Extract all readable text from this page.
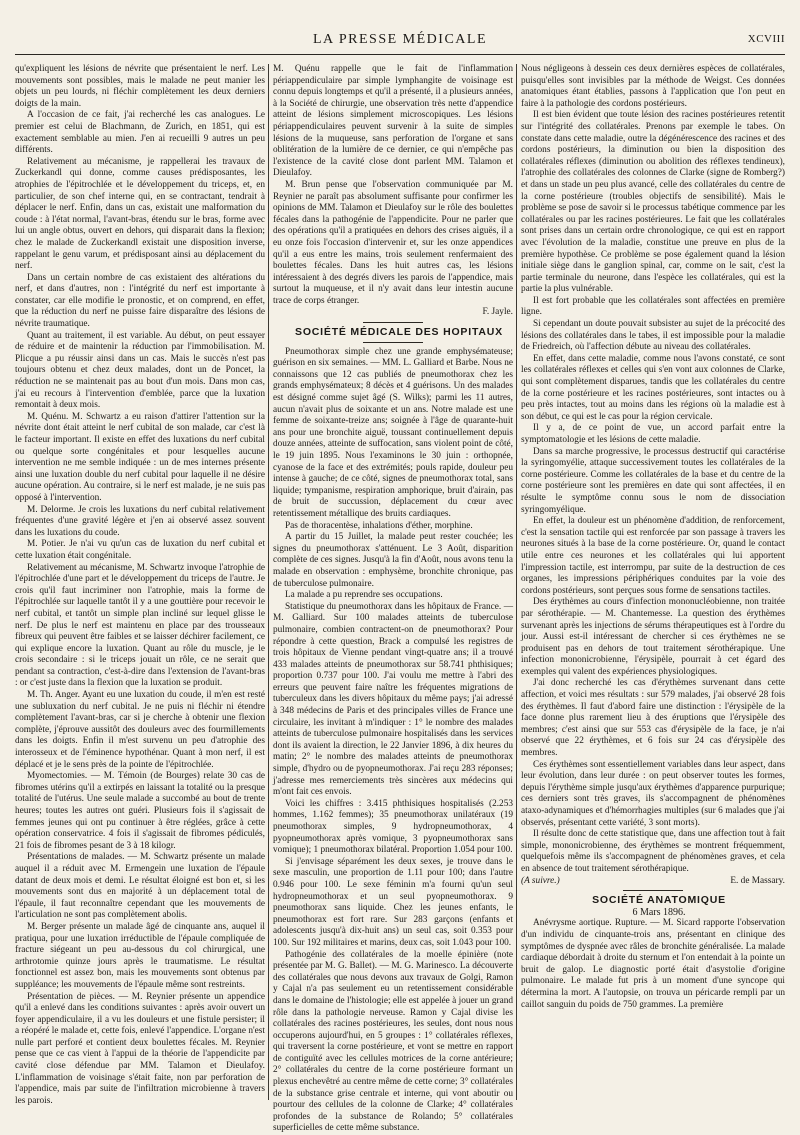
LA PRESSE MÉDICALE	XCVIII

qu'expliquent les lésions de névrite que présentaient le nerf. Les mouvements sont possibles, mais le malade ne peut manier les objets un peu lourds, ni fléchir complètement les deux derniers doigts de la main.

A l'occasion de ce fait, j'ai recherché les cas analogues. Le premier est celui de Blachmann, de Zurich, en 1851, qui est exactement semblable au mien. J'en ai recueilli 9 autres un peu différents.

Relativement au mécanisme, je rappellerai les travaux de Zuckerkandl qui donne, comme causes prédisposantes, les atrophies de l'épitrochlée et le développement du triceps, et, en particulier, de son chef interne qui, en se contractant, tendrait à déplacer le nerf. Enfin, dans un cas, existait une malformation du coude : à l'état normal, l'avant-bras, étendu sur le bras, forme avec lui un angle obtus, ouvert en dehors, qui disparait dans la flexion; chez le malade de Zuckerkandl existait une disposition inverse, rappelant le genu varum, et prédisposant ainsi au déplacement du nerf.

Dans un certain nombre de cas existaient des altérations du nerf, et dans d'autres, non : l'intégrité du nerf est importante à constater, car elle modifie le pronostic, et on comprend, en effet, que la réduction du nerf ne puisse faire disparaître des lésions de névrite traumatique.

Quant au traitement, il est variable. Au début, on peut essayer de réduire et de maintenir la réduction par l'immobilisation. M. Plicque a pu réussir ainsi dans un cas. Mais le succès n'est pas toujours obtenu et chez deux malades, dont un de Poncet, la réduction ne se maintenait pas au bout d'un mois. Dans mon cas, j'ai eu recours à l'intervention d'emblée, parce que la luxation remontait à deux mois.

M. Quénu. M. Schwartz a eu raison d'attirer l'attention sur la névrite dont était atteint le nerf cubital de son malade, car c'est là le facteur important. Il existe en effet des luxations du nerf cubital ou quelque sorte congénitales et pour lesquelles aucune intervention ne me semble indiquée : un de mes internes présente ainsi une luxation double du nerf cubital pour laquelle il ne désire aucune opération. Au contraire, si le nerf est malade, je ne suis pas opposé à l'intervention.

M. Delorme. Je crois les luxations du nerf cubital relativement fréquentes d'une gravité légère et j'en ai observé assez souvent dans les luxations du coude.

M. Potier. Je n'ai vu qu'un cas de luxation du nerf cubital et cette luxation était congénitale.

Relativement au mécanisme, M. Schwartz invoque l'atrophie de l'épitrochlée d'une part et le développement du triceps de l'autre. Je crois qu'il faut incriminer non l'atrophie, mais la forme de l'épitrochlée sur laquelle tantôt il y a une gouttière pour recevoir le nerf cubital, et tantôt un simple plan incliné sur lequel glisse le nerf. De plus le nerf est maintenu en place par des trousseaux fibreux qui peuvent être faibles et se laisser déchirer facilement, ce qui explique encore la luxation. Quant au rôle du muscle, je le crois secondaire : si le triceps jouait un rôle, ce ne serait que pendant sa contraction, c'est-à-dire dans l'extension de l'avant-bras : or c'est juste dans la flexion que la luxation se produit.

M. Th. Anger. Ayant eu une luxation du coude, il m'en est resté une subluxation du nerf cubital. Je ne puis ni fléchir ni étendre complètement l'avant-bras, car si je cherche à obtenir une flexion complète, j'éprouve aussitôt des douleurs avec des fourmillements dans les doigts. Enfin il m'est survenu un peu d'atrophie des interosseux et de l'éminence hypothénar. Quant à mon nerf, il est déplacé et je le sens près de la pointe de l'épitrochlée.

Myomectomies. — M. Témoin (de Bourges) relate 30 cas de fibromes utérins qu'il a extirpés en laissant la totalité ou la presque totalité de l'utérus. Une seule malade a succombé au bout de trente heures; toutes les autres ont guéri. Plusieurs fois il s'agissait de femmes jeunes qui ont pu continuer à être réglées, grâce à cette opération conservatrice. 4 fois il s'agissait de fibromes pédiculés, 21 fois de fibromes pesant de 3 à 18 kilogr.

Présentations de malades. — M. Schwartz présente un malade auquel il a réduit avec M. Ermengein une luxation de l'épaule datant de deux mois et demi. Le résultat éloigné est bon et, si les mouvements sont dus en majorité à un déplacement total de l'épaule, il faut reconnaître cependant que les mouvements de l'articulation ne sont pas complètement abolis.

M. Berger présente un malade âgé de cinquante ans, auquel il pratiqua, pour une luxation irréductible de l'épaule compliquée de fracture siégeant un peu au-dessous du col chirurgical, une arthrotomie quinze jours après le traumatisme. Le résultat fonctionnel est assez bon, mais les mouvements sont obtenus par suppléance; les mouvements de l'épaule même sont restreints.

Présentation de pièces. — M. Reynier présente un appendice qu'il a enlevé dans les conditions suivantes : après avoir ouvert un foyer appendiculaire, il a vu les douleurs et une fistule persister; il a réopéré le malade et, cette fois, enlevé l'appendice. L'organe n'est nulle part perforé et contient deux boulettes fécales. M. Reynier pense que ce cas vient à l'appui de la théorie de l'appendicite par cavité close défendue par MM. Talamon et Dieulafoy. L'inflammation de voisinage s'était faite, non par perforation de l'appendice, mais par suite de l'infiltration microbienne à travers les parois.

M. Quénu rappelle que le fait de l'inflammation périappendiculaire par simple lymphangite de voisinage est connu depuis longtemps et qu'il a présenté, il a plusieurs années, à la Société de chirurgie, une observation très nette d'appendice atteint de lésions simplement microscopiques. Les lésions périappendiculaires peuvent survenir à la suite de simples lésions de la muqueuse, sans perforation de l'organe et sans oblitération de la lumière de ce dernier, ce qui n'empêche pas l'existence de la cavité close dont parlent MM. Talamon et Dieulafoy.

M. Brun pense que l'observation communiquée par M. Reynier ne paraît pas absolument suffisante pour confirmer les opinions de MM. Talamon et Dieulafoy sur le rôle des boulettes fécales dans la pathogénie de l'appendicite. Pour ne parler que des opérations qu'il a pratiquées en dehors des crises aiguës, il a eu onze fois l'occasion d'intervenir et, sur les onze appendices qu'il a eus entre les mains, trois seulement renfermaient des boulettes fécales. Dans les huit autres cas, les lésions intéressaient à des degrés divers les parois de l'appendice, mais surtout la muqueuse, et il n'y avait dans leur intestin aucune trace de corps étranger.

F. Jayle.

SOCIÉTÉ MÉDICALE DES HOPITAUX

Pneumothorax simple chez une grande emphysémateuse; guérison en six semaines. — MM. L. Galliard et Barbe. Nous ne connaissons que 12 cas publiés de pneumothorax chez les grands emphysémateux; 8 décès et 4 guérisons. Un des malades est désigné comme sujet âgé (S. Wilks); parmi les 11 autres, aucun n'avait plus de soixante et un ans. Notre malade est une femme de soixante-treize ans; soignée à l'âge de quarante-huit ans pour une bronchite aiguë, toussant continuellement depuis douze années, atteinte de suffocation, sans violent point de côté, le 19 juin 1895. Nous l'examinons le 30 juin : orthopnée, cyanose de la face et des extrémités; pouls rapide, douleur peu intense à gauche; de ce côté, signes de pneumothorax total, sans liquide; tympanisme, respiration amphorique, bruit d'airain, pas de bruit de succussion, déplacement du cœur avec retentissement métallique des bruits cardiaques.

Pas de thoracentèse, inhalations d'éther, morphine.

A partir du 15 Juillet, la malade peut rester couchée; les signes du pneumothorax s'atténuent. Le 3 Août, disparition complète de ces signes. Jusqu'à la fin d'Août, nous avons tenu la malade en observation : emphysème, bronchite chronique, pas de tuberculose pulmonaire.

La malade a pu reprendre ses occupations.

Statistique du pneumothorax dans les hôpitaux de France. — M. Galliard. Sur 100 malades atteints de tuberculose pulmonaire, combien contractent-on de pneumothorax? Pour répondre à cette question, Brack a compulsé les registres de trois hôpitaux de Vienne pendant vingt-quatre ans; il a trouvé 433 malades atteints de pneumothorax sur 58.741 phthisiques; proportion 0.737 pour 100. J'ai voulu me mettre à l'abri des erreurs que peuvent faire naître les fréquentes migrations de tuberculeux dans les divers hôpitaux du même pays; j'ai adressé à 348 médecins de Paris et des principales villes de France une circulaire, les invitant à m'indiquer : 1° le nombre des malades atteints de tuberculose pulmonaire hospitalisés dans les services dont ils avaient la direction, le 22 Janvier 1896, à dix heures du matin; 2° le nombre des malades atteints de pneumothorax simple, d'hydro ou de pyopneumothorax. J'ai reçu 283 réponses; j'adresse mes remerciements très sincères aux médecins qui m'ont fait ces envois.

Voici les chiffres : 3.415 phthisiques hospitalisés (2.253 hommes, 1.162 femmes); 35 pneumothorax unilatéraux (19 pneumothorax simples, 9 hydropneumothorax, 4 pyopneumothorax après vomique, 3 pyopneumothorax sans vomique); 1 pneumothorax bilatéral. Proportion 1.054 pour 100.

Si j'envisage séparément les deux sexes, je trouve dans le sexe masculin, une proportion de 1.11 pour 100; dans l'autre 0.946 pour 100. Le sexe féminin m'a fourni qu'un seul hydropneumothorax et un seul pyopneumothorax. 9 pneumothorax sans liquide. Chez les jeunes enfants, le pneumothorax est fort rare. Sur 283 garçons (enfants et adolescents jusqu'à dix-huit ans) un seul cas, soit 0.353 pour 100. Sur 192 militaires et marins, deux cas, soit 1.043 pour 100.

Pathogénie des collatérales de la moelle épinière (note présentée par M. G. Ballet). — M. G. Marinesco. La découverte des collatérales que nous devons aux travaux de Golgi, Ramon y Cajal n'a pas seulement eu un retentissement considérable dans le domaine de l'histologie; elle est appelée à jouer un grand rôle dans la pathologie nerveuse. Ramon y Cajal divise les collatérales des racines postérieures, les seules, dont nous nous occuperons aujourd'hui, en 5 groupes : 1° collatérales réflexes, qui traversent la corne postérieure, et vont se mettre en rapport de contiguïté avec les cellules motrices de la corne antérieure; 2° collatérales du centre de la corne postérieure formant un plexus enchevêtré au centre même de cette corne; 3° collatérales de la substance grise centrale et interne, qui vont aboutir ou pourtour des cellules de la colonne de Clarke; 4° collatérales profondes de la substance de Rolando; 5° collatérales superficielles de cette même substance.

Nous négligeons à dessein ces deux dernières espèces de collatérales, puisqu'elles sont invisibles par la méthode de Weigst. Ces données anatomiques étant établies, passons à l'application que l'on peut en faire à la pathologie des cordons postérieurs.

Il est bien évident que toute lésion des racines postérieures retentit sur l'intégrité des collatérales. Prenons par exemple le tabes. On constate dans cette maladie, outre la dégénérescence des racines et des cordons postérieurs, la diminution ou bien la disposition des collatérales réflexes (diminution ou abolition des réflexes tendineux), l'atrophie des collatérales des colonnes de Clarke (signe de Romberg?) et dans un stade un peu plus avancé, celle des collatérales du centre de la corne postérieure (troubles objectifs de sensibilité). Mais le problème se pose de savoir si le processus tabétique commence par les collatérales ou par les racines postérieures. Le fait que les collatérales sont prises dans un certain ordre chronologique, ce qui est en rapport avec l'évolution de la maladie, constitue une preuve en plus de la première hypothèse. Ce problème se pose également quand la lésion initiale siège dans le ganglion spinal, car, comme on le sait, c'est la partie terminale du neurone, dans l'espèce les collatérales, qui est la partie la plus vulnérable.

Il est fort probable que les collatérales sont affectées en première ligne.

Si cependant un doute pouvait subsister au sujet de la précocité des lésions des collatérales dans le tabes, il est impossible pour la maladie de Friedreich, où l'affection débute au niveau des collatérales.

En effet, dans cette maladie, comme nous l'avons constaté, ce sont les collatérales réflexes et celles qui s'en vont aux colonnes de Clarke, qui sont complètement disparues, tandis que les collatérales du centre de la corne postérieure et les racines postérieures, sont intactes ou à peu près intactes, tout au moins dans les régions où la maladie est à son début, ce qui est le cas pour la région cervicale.

Il y a, de ce point de vue, un accord parfait entre la symptomatologie et les lésions de cette maladie.

Dans sa marche progressive, le processus destructif qui caractérise la syringomyélie, attaque successivement toutes les collatérales de la corne postérieure. Comme les collatérales de la base et du centre de la corne postérieure sont les premières en date qui sont affectées, il en résulte le symptôme connu sous le nom de dissociation syringomyélique.

En effet, la douleur est un phénomène d'addition, de renforcement, c'est la sensation tactile qui est renforcée par son passage à travers les neurones situés à la base de la corne postérieure. Or, quand le contact utile entre ces neurones et les collatérales qui lui apportent l'impression tactile, est interrompu, par suite de la destruction de ces organes, les impressions périphériques conduites par la voie des cordons postérieurs, sont perçues sous forme de sensations tactiles.

Des érythèmes au cours d'infection mononucléobienne, non traitée par sérothérapie. — M. Chantemesse. La question des érythèmes survenant après les injections de sérums thérapeutiques est à l'ordre du jour. Aussi est-il intéressant de chercher si ces érythèmes ne se produisent pas en dehors de tout traitement sérothérapique. Une infection mononicrobienne, l'érysipèle, pourrait à cet égard des exemples qui valent des expériences physiologiques.

J'ai donc recherché les cas d'érythèmes survenant dans cette affection, et voici mes résultats : sur 579 malades, j'ai observé 28 fois des érythèmes. Il faut d'abord faire une distinction : l'érysipèle de la face donne plus rarement lieu à des éruptions que l'érysipèle des membres; c'est ainsi que sur 553 cas d'érysipèle de la face, je n'ai observé que 22 érythèmes, et 6 fois sur 24 cas d'érysipèle des membres.

Ces érythèmes sont essentiellement variables dans leur aspect, dans leur évolution, dans leur durée : on peut observer toutes les formes, depuis l'érythème simple jusqu'aux érythèmes d'apparence purpurique; ces derniers sont très graves, ils s'accompagnent de phénomènes ataxo-adynamiques et d'hémorrhagies multiples (sur 6 malades que j'ai observés, présentant cette variété, 3 sont morts).

Il résulte donc de cette statistique que, dans une affection tout à fait simple, mononicrobienne, des érythèmes se montrent fréquemment, quelquefois même ils s'accompagnent de phénomènes graves, et cela en absence de tout traitement sérothérapique.

(A suivre.)	E. de Massary.

SOCIÉTÉ ANATOMIQUE

6 Mars 1896.

Anévrysme aortique. Rupture. — M. Sicard rapporte l'observation d'un individu de cinquante-trois ans, présentant en clinique des symptômes de dyspnée avec râles de bronchite généralisée. La malade cardiaque débordait à droite du sternum et l'on entendait à la pointe un bruit de galop. Le diagnostic porté était d'asystolie d'origine pulmonaire. Le malade fut pris à un moment d'une syncope qui détermina la mort. A l'autopsie, on trouva un péricarde rempli par un caillot sanguin du poids de 750 grammes. La première
